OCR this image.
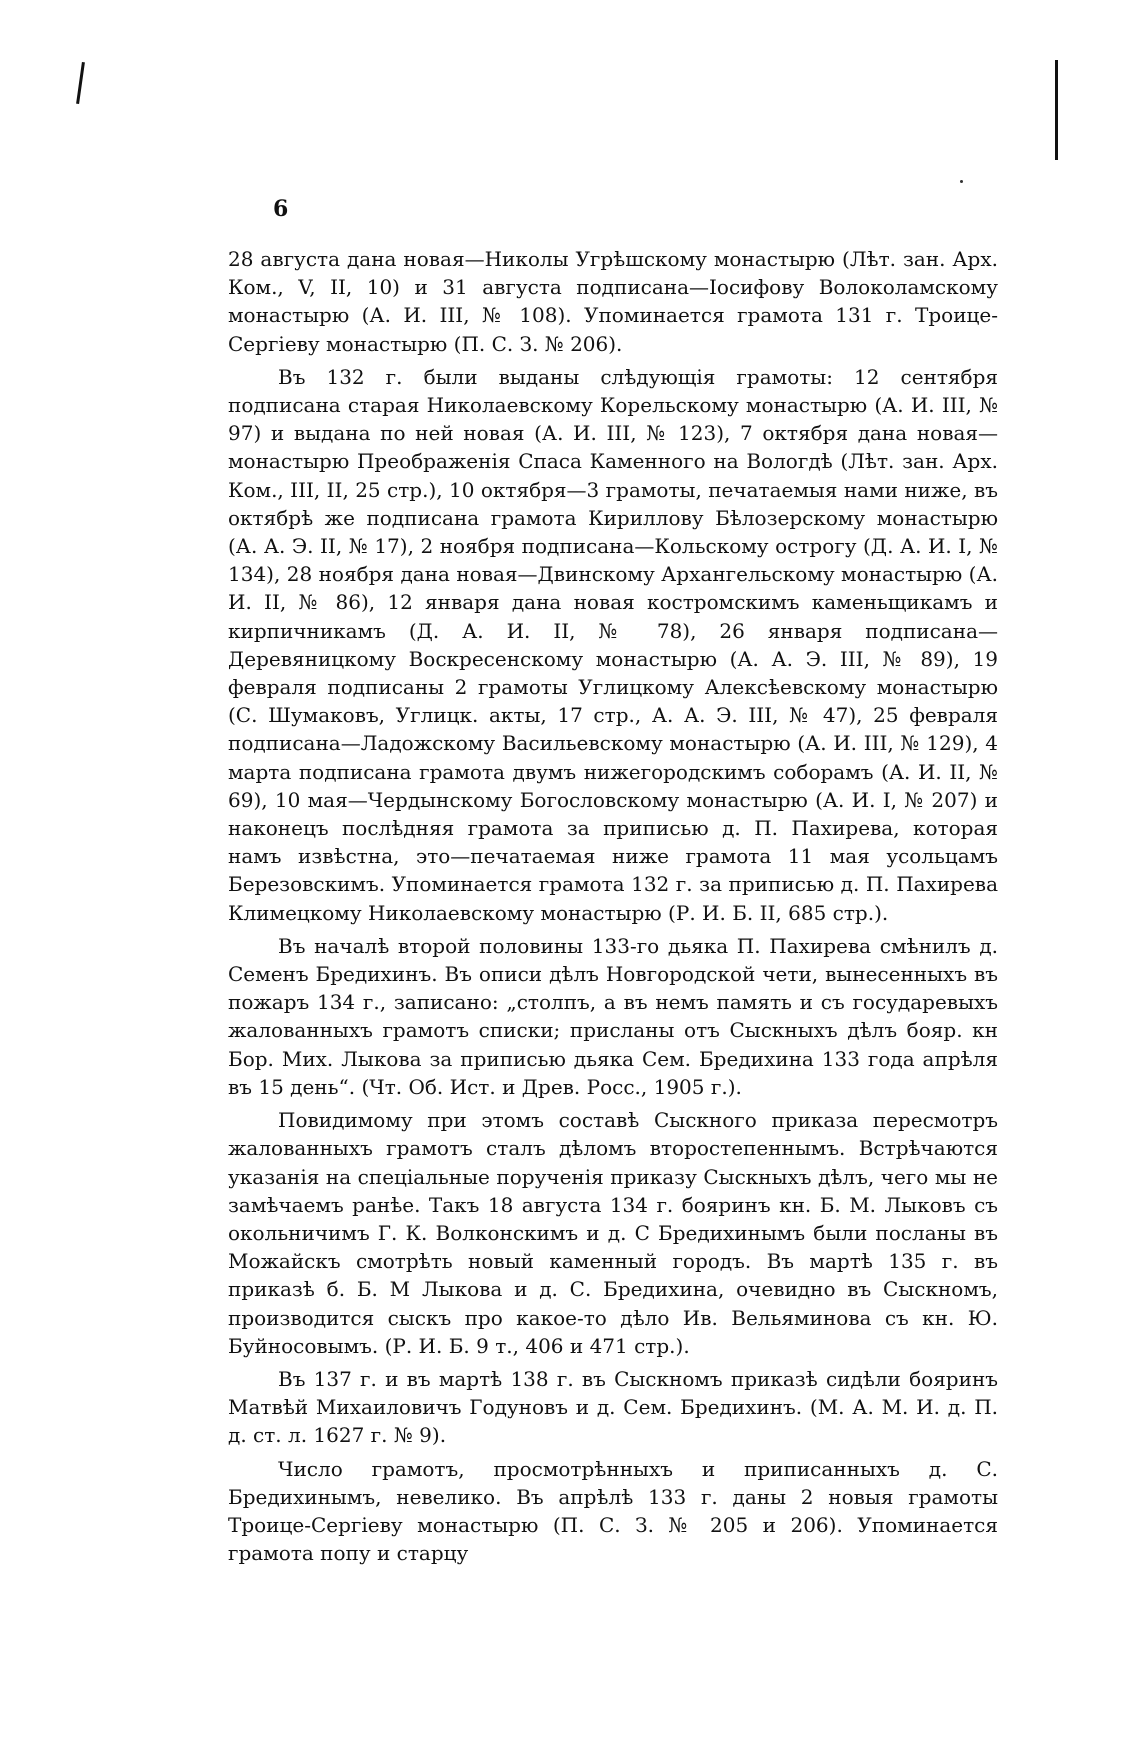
6

28 августа дана новая—Николы Угрѣшскому монастырю (Лѣт. зан. Арх. Ком., V, II, 10) и 31 августа подписана—Іосифову Волоколамскому монастырю (А. И. III, № 108). Упоминается грамота 131 г. Троице-Сергіеву монастырю (П. С. З. № 206).

Въ 132 г. были выданы слѣдующія грамоты: 12 сентября подписана старая Николаевскому Корельскому монастырю (А. И. III, № 97) и выдана по ней новая (А. И. III, № 123), 7 октября дана новая—монастырю Преображенія Спаса Каменного на Вологдѣ (Лѣт. зан. Арх. Ком., III, II, 25 стр.), 10 октября—3 грамоты, печатаемыя нами ниже, въ октябрѣ же подписана грамота Кириллову Бѣлозерскому монастырю (А. А. Э. II, № 17), 2 ноября подписана—Кольскому острогу (Д. А. И. I, № 134), 28 ноября дана новая—Двинскому Архангельскому монастырю (А. И. II, № 86), 12 января дана новая костромскимъ каменьщикамъ и кирпичникамъ (Д. А. И. II, № 78), 26 января подписана—Деревяницкому Воскресенскому монастырю (А. А. Э. III, № 89), 19 февраля подписаны 2 грамоты Углицкому Алексѣевскому монастырю (С. Шумаковъ, Углицк. акты, 17 стр., А. А. Э. III, № 47), 25 февраля подписана—Ладожскому Васильевскому монастырю (А. И. III, № 129), 4 марта подписана грамота двумъ нижегородскимъ соборамъ (А. И. II, № 69), 10 мая—Чердынскому Богословскому монастырю (А. И. I, № 207) и наконецъ послѣдняя грамота за приписью д. П. Пахирева, которая намъ извѣстна, это—печатаемая ниже грамота 11 мая усольцамъ Березовскимъ. Упоминается грамота 132 г. за приписью д. П. Пахирева Климецкому Николаевскому монастырю (Р. И. Б. II, 685 стр.).

Въ началѣ второй половины 133-го дьяка П. Пахирева смѣнилъ д. Семенъ Бредихинъ. Въ описи дѣлъ Новгородской чети, вынесенныхъ въ пожаръ 134 г., записано: „столпъ, а въ немъ память и съ государевыхъ жалованныхъ грамотъ списки; присланы отъ Сыскныхъ дѣлъ бояр. кн Бор. Мих. Лыкова за приписью дьяка Сем. Бредихина 133 года апрѣля въ 15 день“. (Чт. Об. Ист. и Древ. Росс., 1905 г.).

Повидимому при этомъ составѣ Сыскного приказа пересмотръ жалованныхъ грамотъ сталъ дѣломъ второстепеннымъ. Встрѣчаются указанія на спеціальные порученія приказу Сыскныхъ дѣлъ, чего мы не замѣчаемъ ранѣе. Такъ 18 августа 134 г. бояринъ кн. Б. М. Лыковъ съ окольничимъ Г. К. Волконскимъ и д. С Бредихинымъ были посланы въ Можайскъ смотрѣть новый каменный городъ. Въ мартѣ 135 г. въ приказѣ б. Б. М Лыкова и д. С. Бредихина, очевидно въ Сыскномъ, производится сыскъ про какое-то дѣло Ив. Вельяминова съ кн. Ю. Буйносовымъ. (Р. И. Б. 9 т., 406 и 471 стр.).

Въ 137 г. и въ мартѣ 138 г. въ Сыскномъ приказѣ сидѣли бояринъ Матвѣй Михаиловичъ Годуновъ и д. Сем. Бредихинъ. (М. А. М. И. д. П. д. ст. л. 1627 г. № 9).

Число грамотъ, просмотрѣнныхъ и приписанныхъ д. С. Бредихинымъ, невелико. Въ апрѣлѣ 133 г. даны 2 новыя грамоты Троице-Сергіеву монастырю (П. С. З. № 205 и 206). Упоминается грамота попу и старцу
